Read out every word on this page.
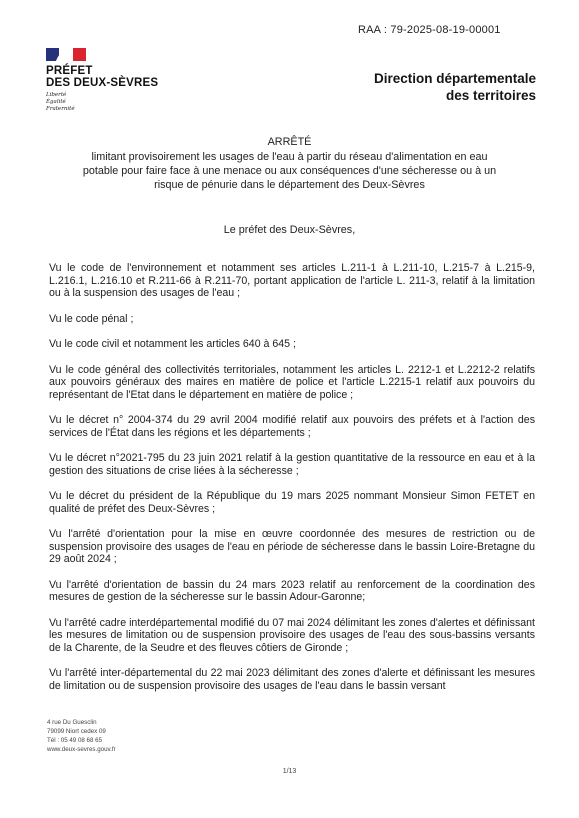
RAA : 79-2025-08-19-00001
PRÉFET
DES DEUX-SÈVRES
Liberté
Égalité
Fraternité
Direction départementale
des territoires
ARRÊTÉ
limitant provisoirement les usages de l'eau à partir du réseau d'alimentation en eau potable pour faire face à une menace ou aux conséquences d'une sécheresse ou à un risque de pénurie dans le département des Deux-Sèvres
Le préfet des Deux-Sèvres,

Vu le code de l'environnement et notamment ses articles L.211-1 à L.211-10, L.215-7 à L.215-9, L.216.1, L.216.10 et R.211-66 à R.211-70, portant application de l'article L. 211-3, relatif à la limitation ou à la suspension des usages de l'eau ;

Vu le code pénal ;

Vu le code civil et notamment les articles 640 à 645 ;

Vu le code général des collectivités territoriales, notamment les articles L. 2212-1 et L.2212-2 relatifs aux pouvoirs généraux des maires en matière de police et l'article L.2215-1 relatif aux pouvoirs du représentant de l'Etat dans le département en matière de police ;

Vu le décret n° 2004-374 du 29 avril 2004 modifié relatif aux pouvoirs des préfets et à l'action des services de l'État dans les régions et les départements ;

Vu le décret n°2021-795 du 23 juin 2021 relatif à la gestion quantitative de la ressource en eau et à la gestion des situations de crise liées à la sécheresse ;

Vu le décret du président de la République du 19 mars 2025 nommant Monsieur Simon FETET en qualité de préfet des Deux-Sèvres ;

Vu l'arrêté d'orientation pour la mise en œuvre coordonnée des mesures de restriction ou de suspension provisoire des usages de l'eau en période de sécheresse dans le bassin Loire-Bretagne du 29 août 2024 ;

Vu l'arrêté d'orientation de bassin du 24 mars 2023 relatif au renforcement de la coordination des mesures de gestion de la sécheresse sur le bassin Adour-Garonne;

Vu l'arrêté cadre interdépartemental modifié du 07 mai 2024 délimitant les zones d'alertes et définissant les mesures de limitation ou de suspension provisoire des usages de l'eau des sous-bassins versants de la Charente, de la Seudre et des fleuves côtiers de Gironde ;

Vu l'arrêté inter-départemental du 22 mai 2023 délimitant des zones d'alerte et définissant les mesures de limitation ou de suspension provisoire des usages de l'eau dans le bassin versant

4 rue Du Guesclin
79099 Niort cedex 09
Tél : 05 49 08 68 65
www.deux-sevres.gouv.fr
1/13
